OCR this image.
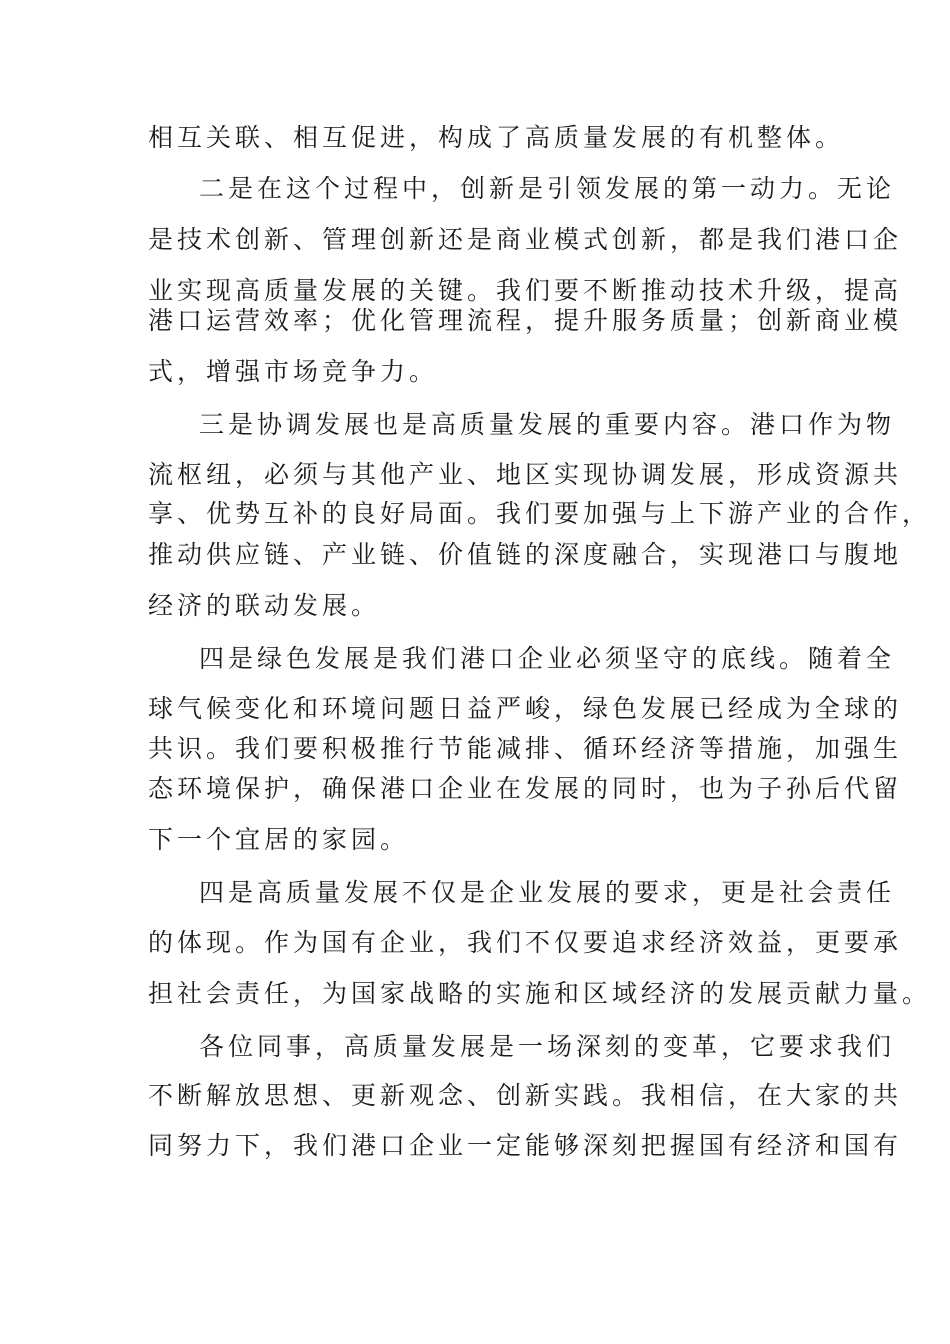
相互关联、相互促进，构成了高质量发展的有机整体。
二是在这个过程中，创新是引领发展的第一动力。无论
是技术创新、管理创新还是商业模式创新，都是我们港口企
业实现高质量发展的关键。我们要不断推动技术升级，提高
港口运营效率；优化管理流程，提升服务质量；创新商业模
式，增强市场竞争力。
三是协调发展也是高质量发展的重要内容。港口作为物
流枢纽，必须与其他产业、地区实现协调发展，形成资源共
享、优势互补的良好局面。我们要加强与上下游产业的合作，
推动供应链、产业链、价值链的深度融合，实现港口与腹地
经济的联动发展。
四是绿色发展是我们港口企业必须坚守的底线。随着全
球气候变化和环境问题日益严峻，绿色发展已经成为全球的
共识。我们要积极推行节能减排、循环经济等措施，加强生
态环境保护，确保港口企业在发展的同时，也为子孙后代留
下一个宜居的家园。
四是高质量发展不仅是企业发展的要求，更是社会责任
的体现。作为国有企业，我们不仅要追求经济效益，更要承
担社会责任，为国家战略的实施和区域经济的发展贡献力量。
各位同事，高质量发展是一场深刻的变革，它要求我们
不断解放思想、更新观念、创新实践。我相信，在大家的共
同努力下，我们港口企业一定能够深刻把握国有经济和国有
